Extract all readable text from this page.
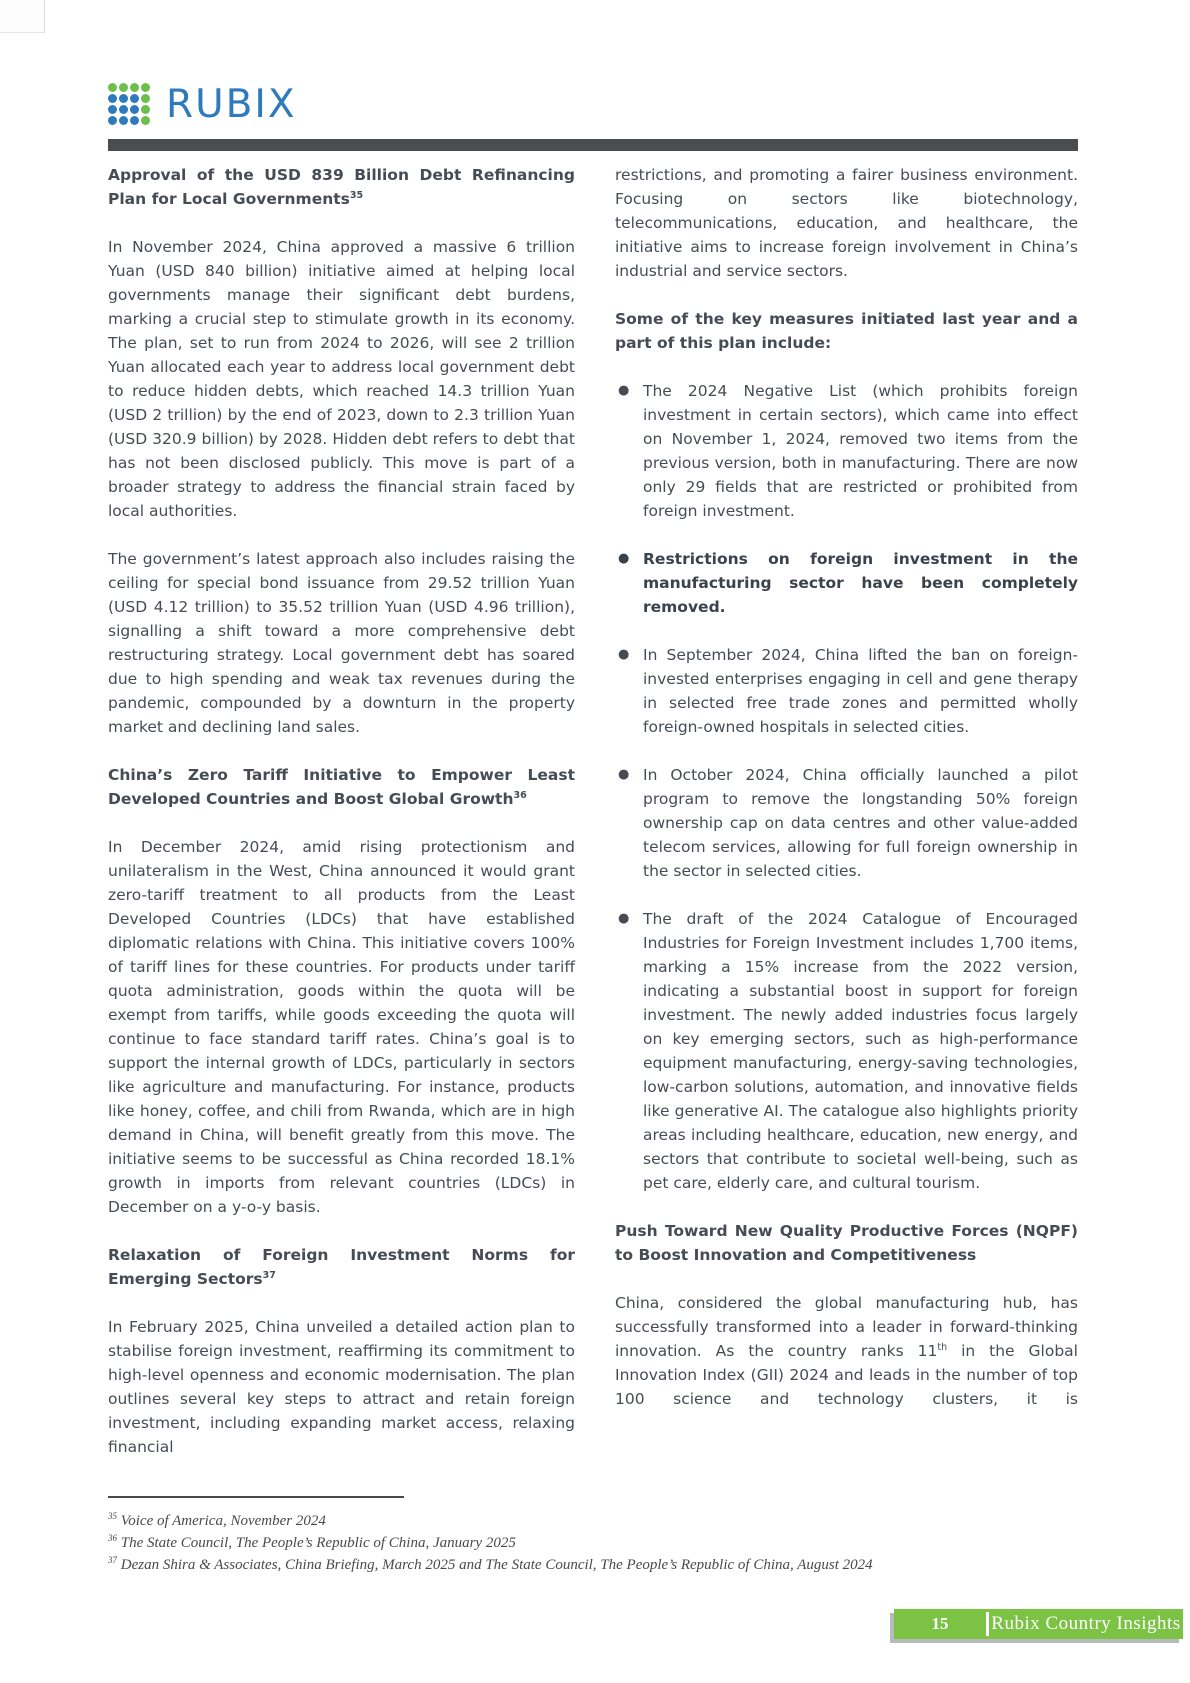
RUBIX
Approval of the USD 839 Billion Debt Refinancing Plan for Local Governments$^{35}$

In November 2024, China approved a massive 6 trillion Yuan (USD 840 billion) initiative aimed at helping local governments manage their significant debt burdens, marking a crucial step to stimulate growth in its economy. The plan, set to run from 2024 to 2026, will see 2 trillion Yuan allocated each year to address local government debt to reduce hidden debts, which reached 14.3 trillion Yuan (USD 2 trillion) by the end of 2023, down to 2.3 trillion Yuan (USD 320.9 billion) by 2028. Hidden debt refers to debt that has not been disclosed publicly. This move is part of a broader strategy to address the financial strain faced by local authorities.

The government’s latest approach also includes raising the ceiling for special bond issuance from 29.52 trillion Yuan (USD 4.12 trillion) to 35.52 trillion Yuan (USD 4.96 trillion), signalling a shift toward a more comprehensive debt restructuring strategy. Local government debt has soared due to high spending and weak tax revenues during the pandemic, compounded by a downturn in the property market and declining land sales.

China’s Zero Tariff Initiative to Empower Least Developed Countries and Boost Global Growth$^{36}$

In December 2024, amid rising protectionism and unilateralism in the West, China announced it would grant zero-tariff treatment to all products from the Least Developed Countries (LDCs) that have established diplomatic relations with China. This initiative covers 100% of tariff lines for these countries. For products under tariff quota administration, goods within the quota will be exempt from tariffs, while goods exceeding the quota will continue to face standard tariff rates. China’s goal is to support the internal growth of LDCs, particularly in sectors like agriculture and manufacturing. For instance, products like honey, coffee, and chili from Rwanda, which are in high demand in China, will benefit greatly from this move. The initiative seems to be successful as China recorded 18.1% growth in imports from relevant countries (LDCs) in December on a y-o-y basis.

Relaxation of Foreign Investment Norms for Emerging Sectors$^{37}$

In February 2025, China unveiled a detailed action plan to stabilise foreign investment, reaffirming its commitment to high-level openness and economic modernisation. The plan outlines several key steps to attract and retain foreign investment, including expanding market access, relaxing financial

restrictions, and promoting a fairer business environment. Focusing on sectors like biotechnology, telecommunications, education, and healthcare, the initiative aims to increase foreign involvement in China’s industrial and service sectors.

Some of the key measures initiated last year and a part of this plan include:
● The 2024 Negative List (which prohibits foreign investment in certain sectors), which came into effect on November 1, 2024, removed two items from the previous version, both in manufacturing. There are now only 29 fields that are restricted or prohibited from foreign investment.
● Restrictions on foreign investment in the manufacturing sector have been completely removed.
● In September 2024, China lifted the ban on foreign-invested enterprises engaging in cell and gene therapy in selected free trade zones and permitted wholly foreign-owned hospitals in selected cities.
● In October 2024, China officially launched a pilot program to remove the longstanding 50% foreign ownership cap on data centres and other value-added telecom services, allowing for full foreign ownership in the sector in selected cities.
● The draft of the 2024 Catalogue of Encouraged Industries for Foreign Investment includes 1,700 items, marking a 15% increase from the 2022 version, indicating a substantial boost in support for foreign investment. The newly added industries focus largely on key emerging sectors, such as high-performance equipment manufacturing, energy-saving technologies, low-carbon solutions, automation, and innovative fields like generative AI. The catalogue also highlights priority areas including healthcare, education, new energy, and sectors that contribute to societal well-being, such as pet care, elderly care, and cultural tourism.
Push Toward New Quality Productive Forces (NQPF) to Boost Innovation and Competitiveness

China, considered the global manufacturing hub, has successfully transformed into a leader in forward-thinking innovation. As the country ranks 11th in the Global Innovation Index (GII) 2024 and leads in the number of top 100 science and technology clusters, it is

$^{35}$ Voice of America, November 2024

$^{36}$ The State Council, The People’s Republic of China, January 2025

$^{37}$ Dezan Shira & Associates, China Briefing, March 2025 and The State Council, The People’s Republic of China, August 2024

15	Rubix Country Insights
